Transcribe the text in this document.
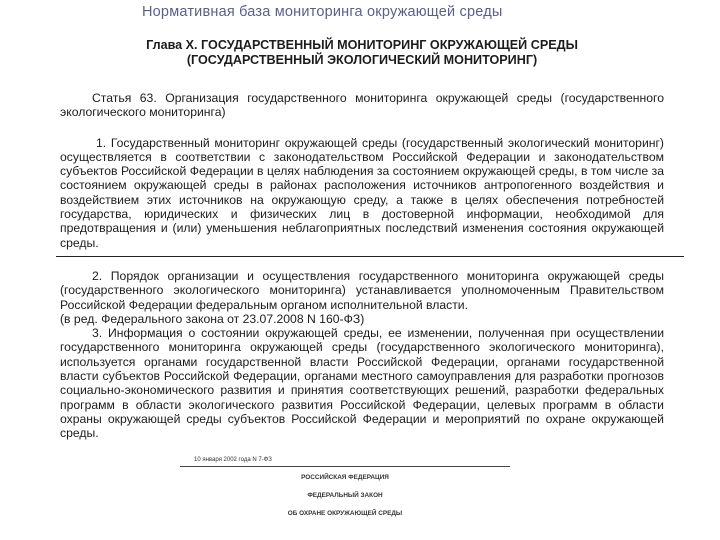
Нормативная база мониторинга окружающей среды

Глава X. ГОСУДАРСТВЕННЫЙ МОНИТОРИНГ ОКРУЖАЮЩЕЙ СРЕДЫ

(ГОСУДАРСТВЕННЫЙ ЭКОЛОГИЧЕСКИЙ МОНИТОРИНГ)

Статья 63. Организация государственного мониторинга окружающей среды (государственного экологического мониторинга)

1. Государственный мониторинг окружающей среды (государственный экологический мониторинг) осуществляется в соответствии с законодательством Российской Федерации и законодательством субъектов Российской Федерации в целях наблюдения за состоянием окружающей среды, в том числе за состоянием окружающей среды в районах расположения источников антропогенного воздействия и воздействием этих источников на окружающую среду, а также в целях обеспечения потребностей государства, юридических и физических лиц в достоверной информации, необходимой для предотвращения и (или) уменьшения неблагоприятных последствий изменения состояния окружающей среды.

2. Порядок организации и осуществления государственного мониторинга окружающей среды (государственного экологического мониторинга) устанавливается уполномоченным Правительством Российской Федерации федеральным органом исполнительной власти.

(в ред. Федерального закона от 23.07.2008 N 160-ФЗ)

3. Информация о состоянии окружающей среды, ее изменении, полученная при осуществлении государственного мониторинга окружающей среды (государственного экологического мониторинга), используется органами государственной власти Российской Федерации, органами государственной власти субъектов Российской Федерации, органами местного самоуправления для разработки прогнозов социально-экономического развития и принятия соответствующих решений, разработки федеральных программ в области экологического развития Российской Федерации, целевых программ в области охраны окружающей среды субъектов Российской Федерации и мероприятий по охране окружающей среды.

10 января 2002 года N 7-ФЗ

РОССИЙСКАЯ ФЕДЕРАЦИЯ

ФЕДЕРАЛЬНЫЙ ЗАКОН

ОБ ОХРАНЕ ОКРУЖАЮЩЕЙ СРЕДЫ
